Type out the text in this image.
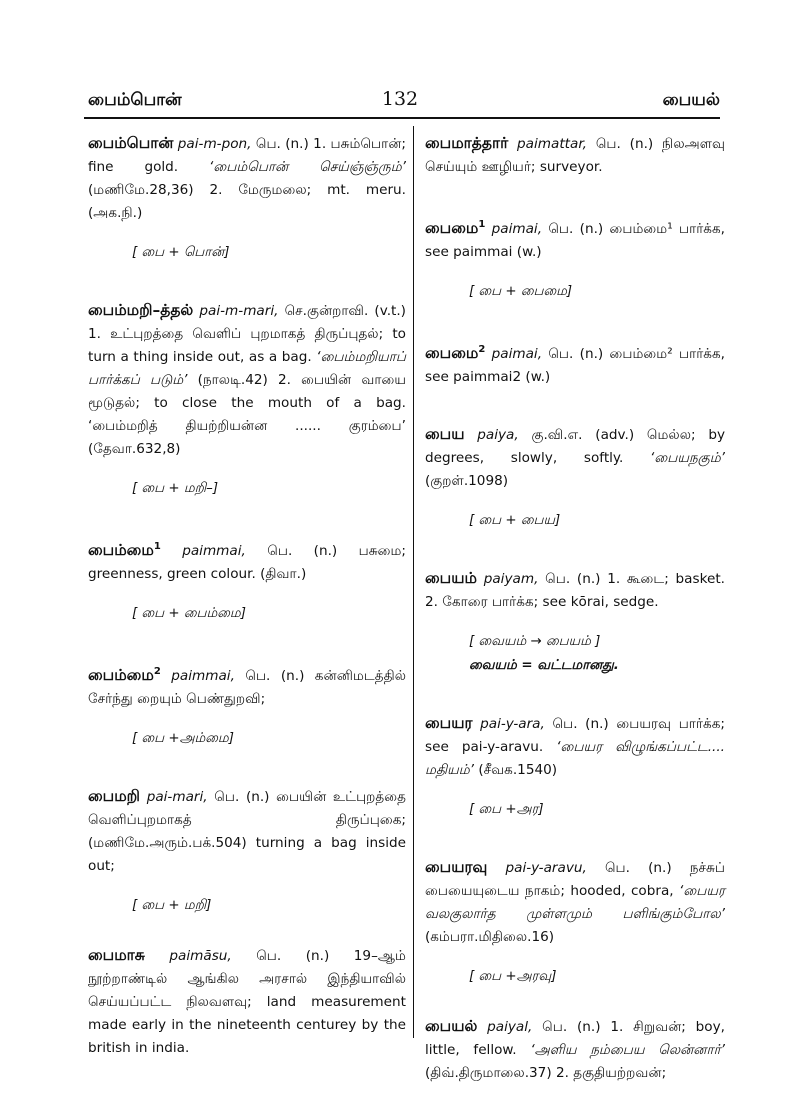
பைம்பொன்	132	பையல்
பைம்பொன் pai-m-pon, பெ. (n.) 1. பசும்பொன்; fine gold. ‘பைம்பொன் செய்ஞ்ஞ்ரும்’ (மணிமே.28,36) 2. மேருமலை; mt. meru. (அக.நி.)
[ பை + பொன்]
பைம்மறி–த்தல் pai-m-mari, செ.குன்றாவி. (v.t.) 1. உட்புறத்தை வெளிப் புறமாகத் திருப்புதல்; to turn a thing inside out, as a bag. ‘பைம்மறியாப் பார்க்கப் படும்’ (நாலடி.42) 2. பையின் வாயை மூடுதல்; to close the mouth of a bag. ‘பைம்மறித் தியற்றியன்ன ...... குரம்பை’ (தேவா.632,8)
[ பை + மறி–]
பைம்மை$^1$ paimmai, பெ. (n.) பசுமை; greenness, green colour. (திவா.)
[ பை + பைம்மை]
பைம்மை$^2$ paimmai, பெ. (n.) கன்னிமடத்தில் சேர்ந்து றையும் பெண்துறவி;
[ பை +அம்மை]
பைமறி pai-mari, பெ. (n.) பையின் உட்புறத்தை வெளிப்புறமாகத் திருப்புகை; (மணிமே.அரும்.பக்.504) turning a bag inside out;
[ பை + மறி]
பைமாசு paimāsu, பெ. (n.) 19–ஆம் நூற்றாண்டில் ஆங்கில அரசால் இந்தியாவில் செய்யப்பட்ட நிலவளவு; land measurement made early in the nineteenth centurey by the british in india.
பைமாத்தார் paimattar, பெ. (n.) நிலஅளவு செய்யும் ஊழியர்; surveyor.
பைமை$^1$ paimai, பெ. (n.) பைம்மை¹ பார்க்க, see paimmai (w.)
[ பை + பைமை]
பைமை$^2$ paimai, பெ. (n.) பைம்மை² பார்க்க, see paimmai2 (w.)
பைய paiya, கு.வி.எ. (adv.) மெல்ல; by degrees, slowly, softly. ‘பையநகும்’ (குறள்.1098)
[ பை + பைய]
பையம் paiyam, பெ. (n.) 1. கூடை; basket. 2. கோரை பார்க்க; see kōrai, sedge.
[ வையம் → பையம் ]
வையம் = வட்டமானது.
பையர pai-y-ara, பெ. (n.) பையரவு பார்க்க; see pai-y-aravu. ‘பையர விழுங்கப்பட்ட.... மதியம்’ (சீவக.1540)
[ பை +அர]
பையரவு pai-y-aravu, பெ. (n.) நச்சுப் பையையுடைய நாகம்; hooded, cobra, ‘பையர வலகுலார்த முள்ளமும் பளிங்கும்போல’ (கம்பரா.மிதிலை.16)
[ பை +அரவு]
பையல் paiyal, பெ. (n.) 1. சிறுவன்; boy, little, fellow. ‘அளிய நம்பைய லென்னார்’ (திவ்.திருமாலை.37) 2. தகுதியற்றவன்;
